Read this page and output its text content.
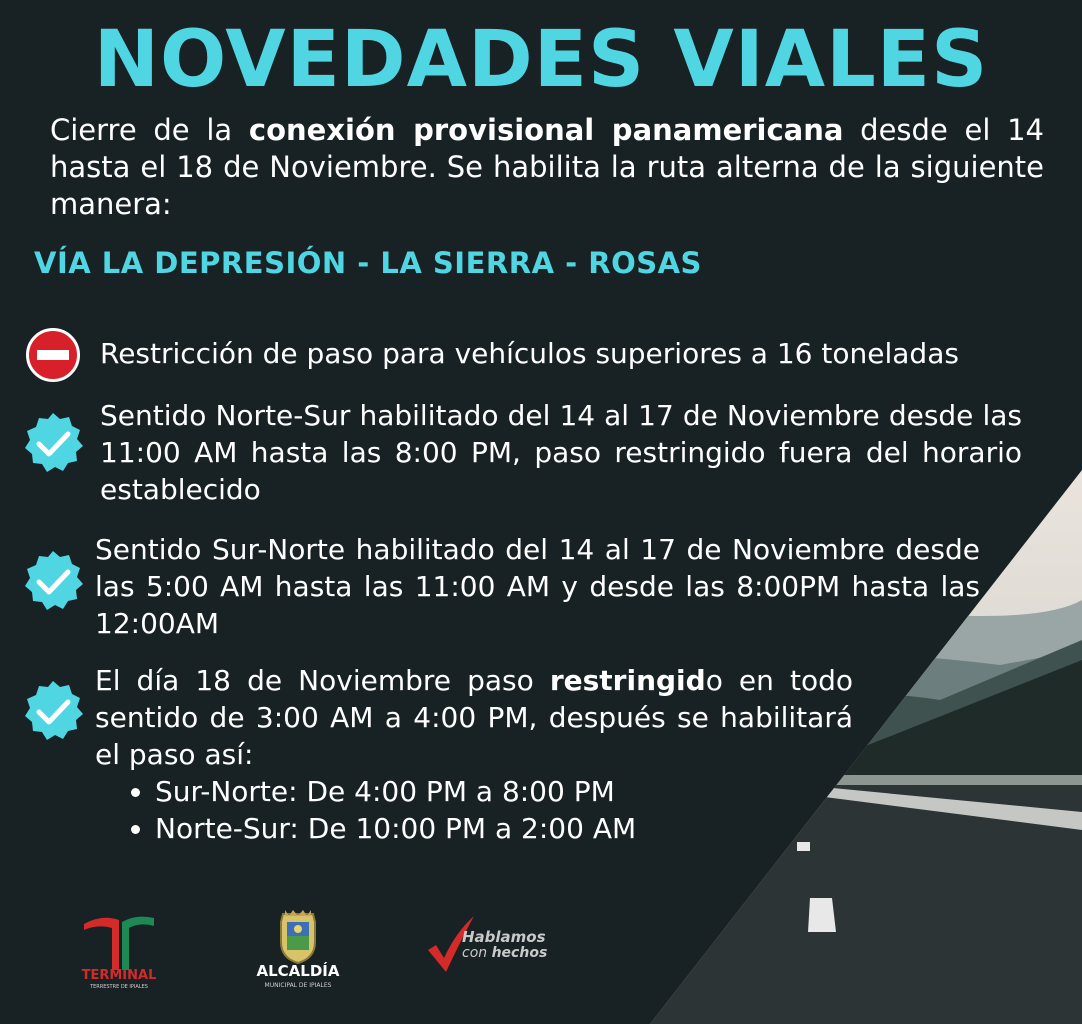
NOVEDADES VIALES
Cierre de la conexión provisional panamericana desde el 14 hasta el 18 de Noviembre. Se habilita la ruta alterna de la siguiente manera:
VÍA LA DEPRESIÓN - LA SIERRA - ROSAS
Restricción de paso para vehículos superiores a 16 toneladas
Sentido Norte-Sur habilitado del 14 al 17 de Noviembre desde las 11:00 AM hasta las 8:00 PM, paso restringido fuera del horario establecido
Sentido Sur-Norte habilitado del 14 al 17 de Noviembre desde las 5:00 AM hasta las 11:00 AM y desde las 8:00PM hasta las 12:00AM
El día 18 de Noviembre paso restringido en todo sentido de 3:00 AM a 4:00 PM, después se habilitará el paso así:
• Sur-Norte: De 4:00 PM a 8:00 PM
• Norte-Sur: De 10:00 PM a 2:00 AM
TERMINAL
TERRESTRE DE IPIALES
ALCALDÍA
MUNICIPAL DE IPIALES
Hablamos
con hechos
